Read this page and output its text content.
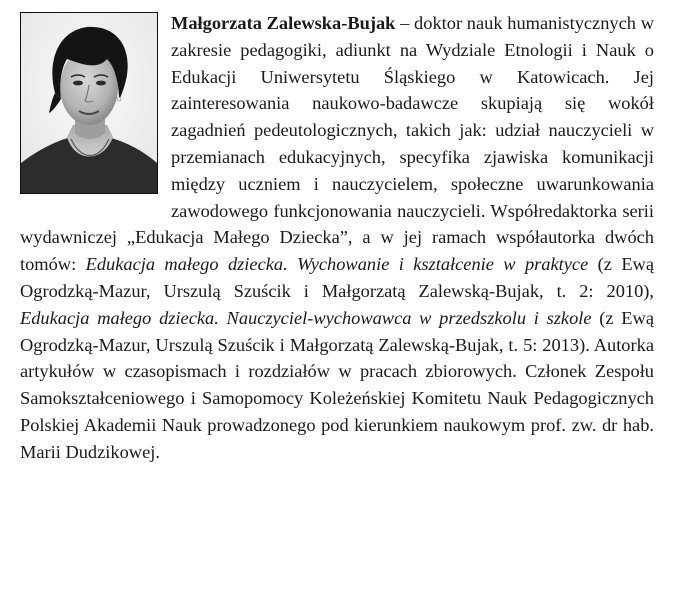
Małgorzata Zalewska-Bujak – doktor nauk humanistycznych w zakresie pedagogiki, adiunkt na Wydziale Etnologii i Nauk o Edukacji Uniwersytetu Śląskiego w Katowicach. Jej zainteresowania naukowo-badawcze skupiają się wokół zagadnień pedeutologicznych, takich jak: udział nauczycieli w przemianach edukacyjnych, specyfika zjawiska komunikacji między uczniem i nauczycielem, społeczne uwarunkowania zawodowego funkcjonowania nauczycieli. Współredaktorka serii wydawniczej „Edukacja Małego Dziecka”, a w jej ramach współautorka dwóch tomów: Edukacja małego dziecka. Wychowanie i kształcenie w praktyce (z Ewą Ogrodzką-Mazur, Urszulą Szuścik i Małgorzatą Zalewską-Bujak, t. 2: 2010), Edukacja małego dziecka. Nauczyciel-wychowawca w przedszkolu i szkole (z Ewą Ogrodzką-Mazur, Urszulą Szuścik i Małgorzatą Zalewską-Bujak, t. 5: 2013). Autorka artykułów w czasopismach i rozdziałów w pracach zbiorowych. Członek Zespołu Samokształceniowego i Samopomocy Koleżeńskiej Komitetu Nauk Pedagogicznych Polskiej Akademii Nauk prowadzonego pod kierunkiem naukowym prof. zw. dr hab. Marii Dudzikowej.
